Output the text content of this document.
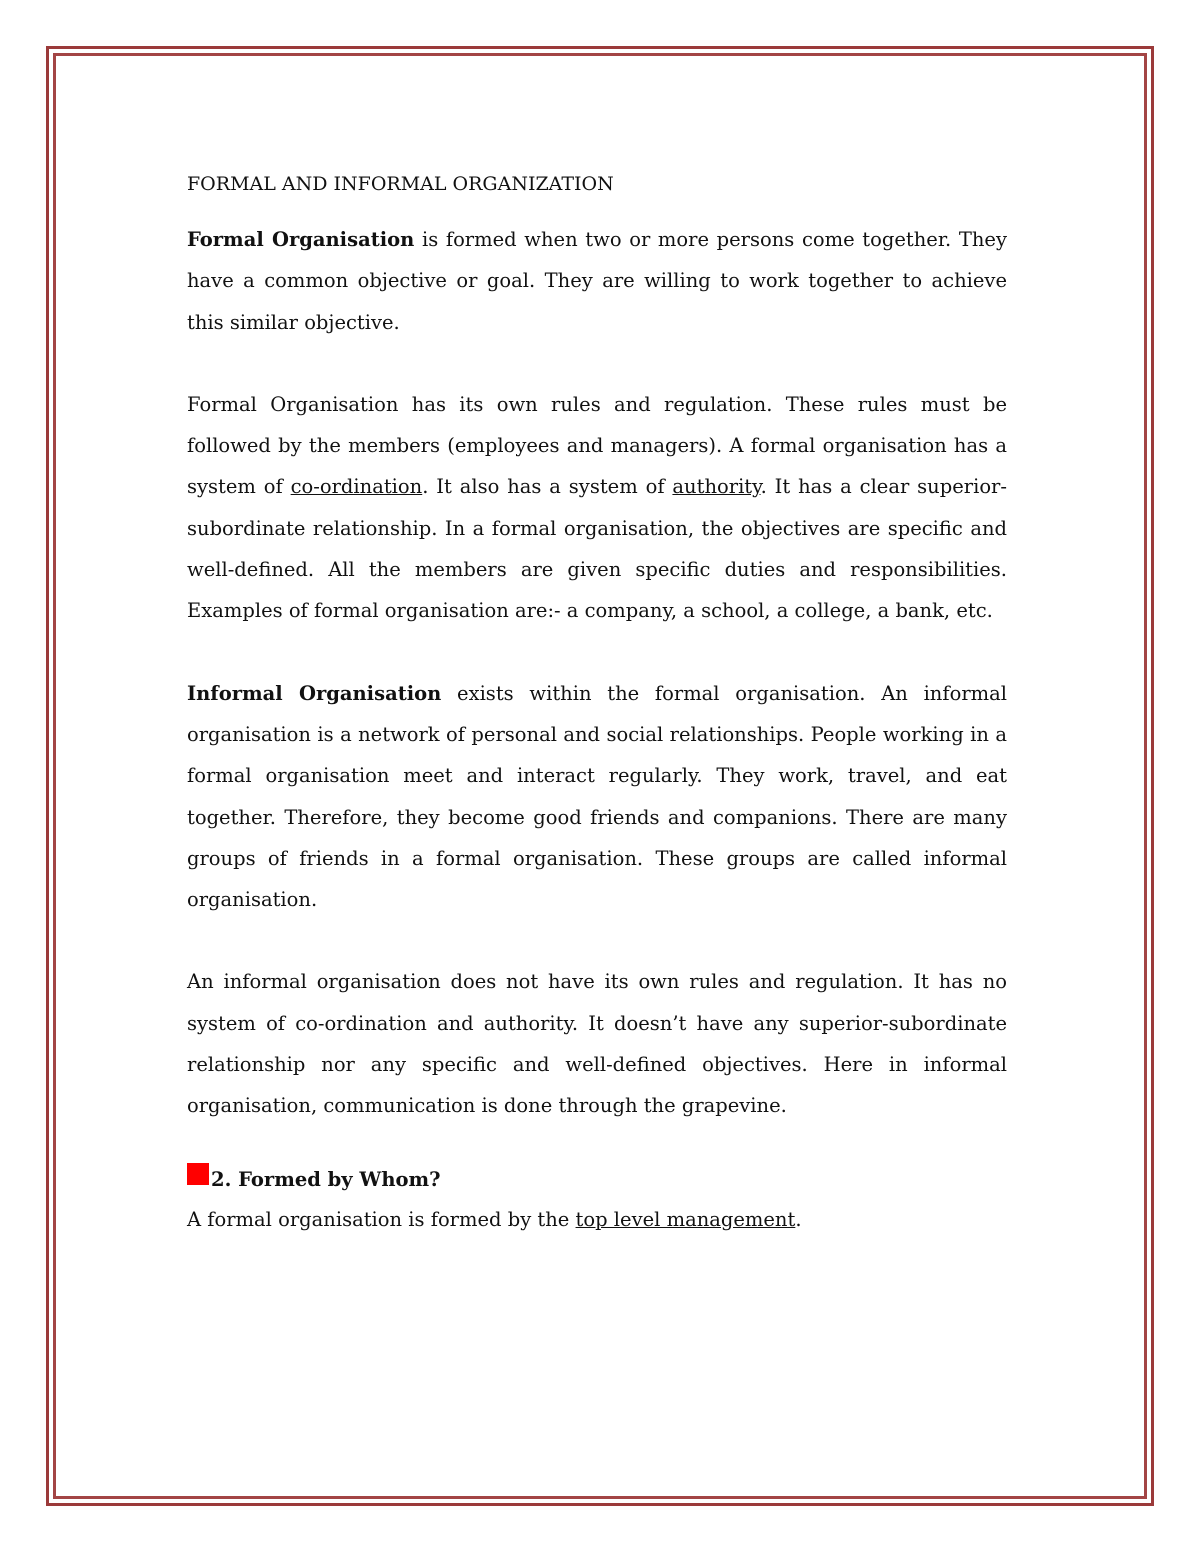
FORMAL AND INFORMAL ORGANIZATION

Formal Organisation is formed when two or more persons come together. They have a common objective or goal. They are willing to work together to achieve this similar objective.

Formal Organisation has its own rules and regulation. These rules must be followed by the members (employees and managers). A formal organisation has a system of co-ordination. It also has a system of authority. It has a clear superior-subordinate relationship. In a formal organisation, the objectives are specific and well-defined. All the members are given specific duties and responsibilities. Examples of formal organisation are:- a company, a school, a college, a bank, etc.

Informal Organisation exists within the formal organisation. An informal organisation is a network of personal and social relationships. People working in a formal organisation meet and interact regularly. They work, travel, and eat together. Therefore, they become good friends and companions. There are many groups of friends in a formal organisation. These groups are called informal organisation.

An informal organisation does not have its own rules and regulation. It has no system of co-ordination and authority. It doesn’t have any superior-subordinate relationship nor any specific and well-defined objectives. Here in informal organisation, communication is done through the grapevine.

2. Formed by Whom?
A formal organisation is formed by the top level management.
